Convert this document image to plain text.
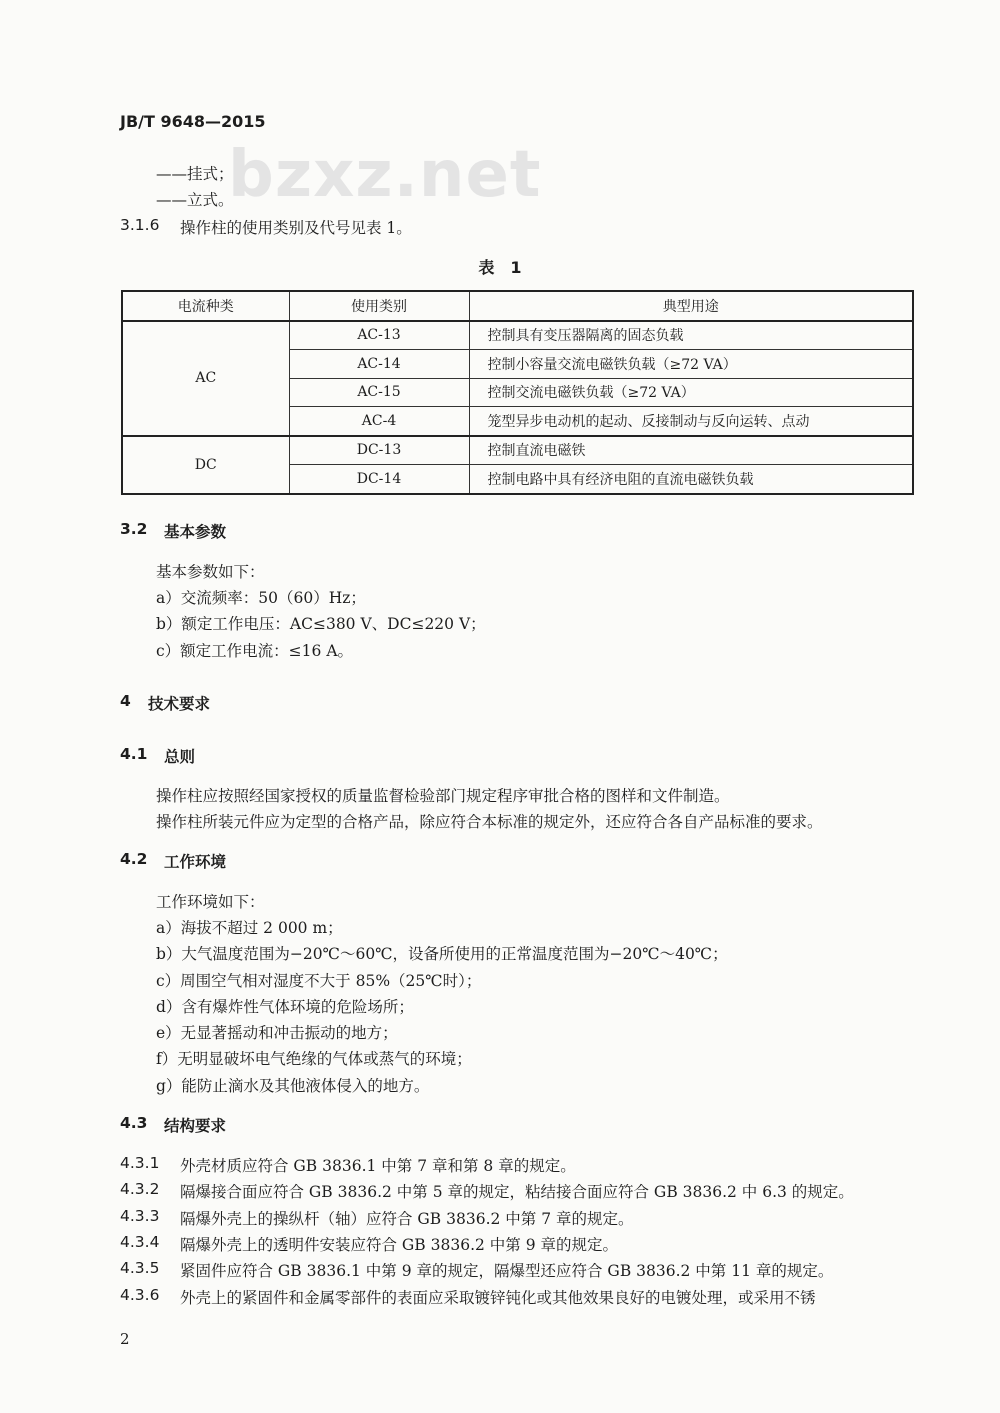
JB/T 9648—2015
bzxz.net
——挂式；
——立式。
3.1.6 操作柱的使用类别及代号见表 1。
表　1
电流种类	使用类别	典型用途
AC	AC-13	控制具有变压器隔离的固态负载
	AC-14	控制小容量交流电磁铁负载（≥72 VA）
	AC-15	控制交流电磁铁负载（≥72 VA）
	AC-4	笼型异步电动机的起动、反接制动与反向运转、点动
DC	DC-13	控制直流电磁铁
	DC-14	控制电路中具有经济电阻的直流电磁铁负载
3.2 基本参数
基本参数如下：
a）交流频率：50（60）Hz；
b）额定工作电压：AC≤380 V、DC≤220 V；
c）额定工作电流：≤16 A。
4 技术要求
4.1 总则
操作柱应按照经国家授权的质量监督检验部门规定程序审批合格的图样和文件制造。
操作柱所装元件应为定型的合格产品，除应符合本标准的规定外，还应符合各自产品标准的要求。
4.2 工作环境
工作环境如下：
a）海拔不超过 2 000 m；
b）大气温度范围为−20℃～60℃，设备所使用的正常温度范围为−20℃～40℃；
c）周围空气相对湿度不大于 85%（25℃时）；
d）含有爆炸性气体环境的危险场所；
e）无显著摇动和冲击振动的地方；
f）无明显破坏电气绝缘的气体或蒸气的环境；
g）能防止滴水及其他液体侵入的地方。
4.3 结构要求
4.3.1 外壳材质应符合 GB 3836.1 中第 7 章和第 8 章的规定。
4.3.2 隔爆接合面应符合 GB 3836.2 中第 5 章的规定，粘结接合面应符合 GB 3836.2 中 6.3 的规定。
4.3.3 隔爆外壳上的操纵杆（轴）应符合 GB 3836.2 中第 7 章的规定。
4.3.4 隔爆外壳上的透明件安装应符合 GB 3836.2 中第 9 章的规定。
4.3.5 紧固件应符合 GB 3836.1 中第 9 章的规定，隔爆型还应符合 GB 3836.2 中第 11 章的规定。
4.3.6 外壳上的紧固件和金属零部件的表面应采取镀锌钝化或其他效果良好的电镀处理，或采用不锈
2
